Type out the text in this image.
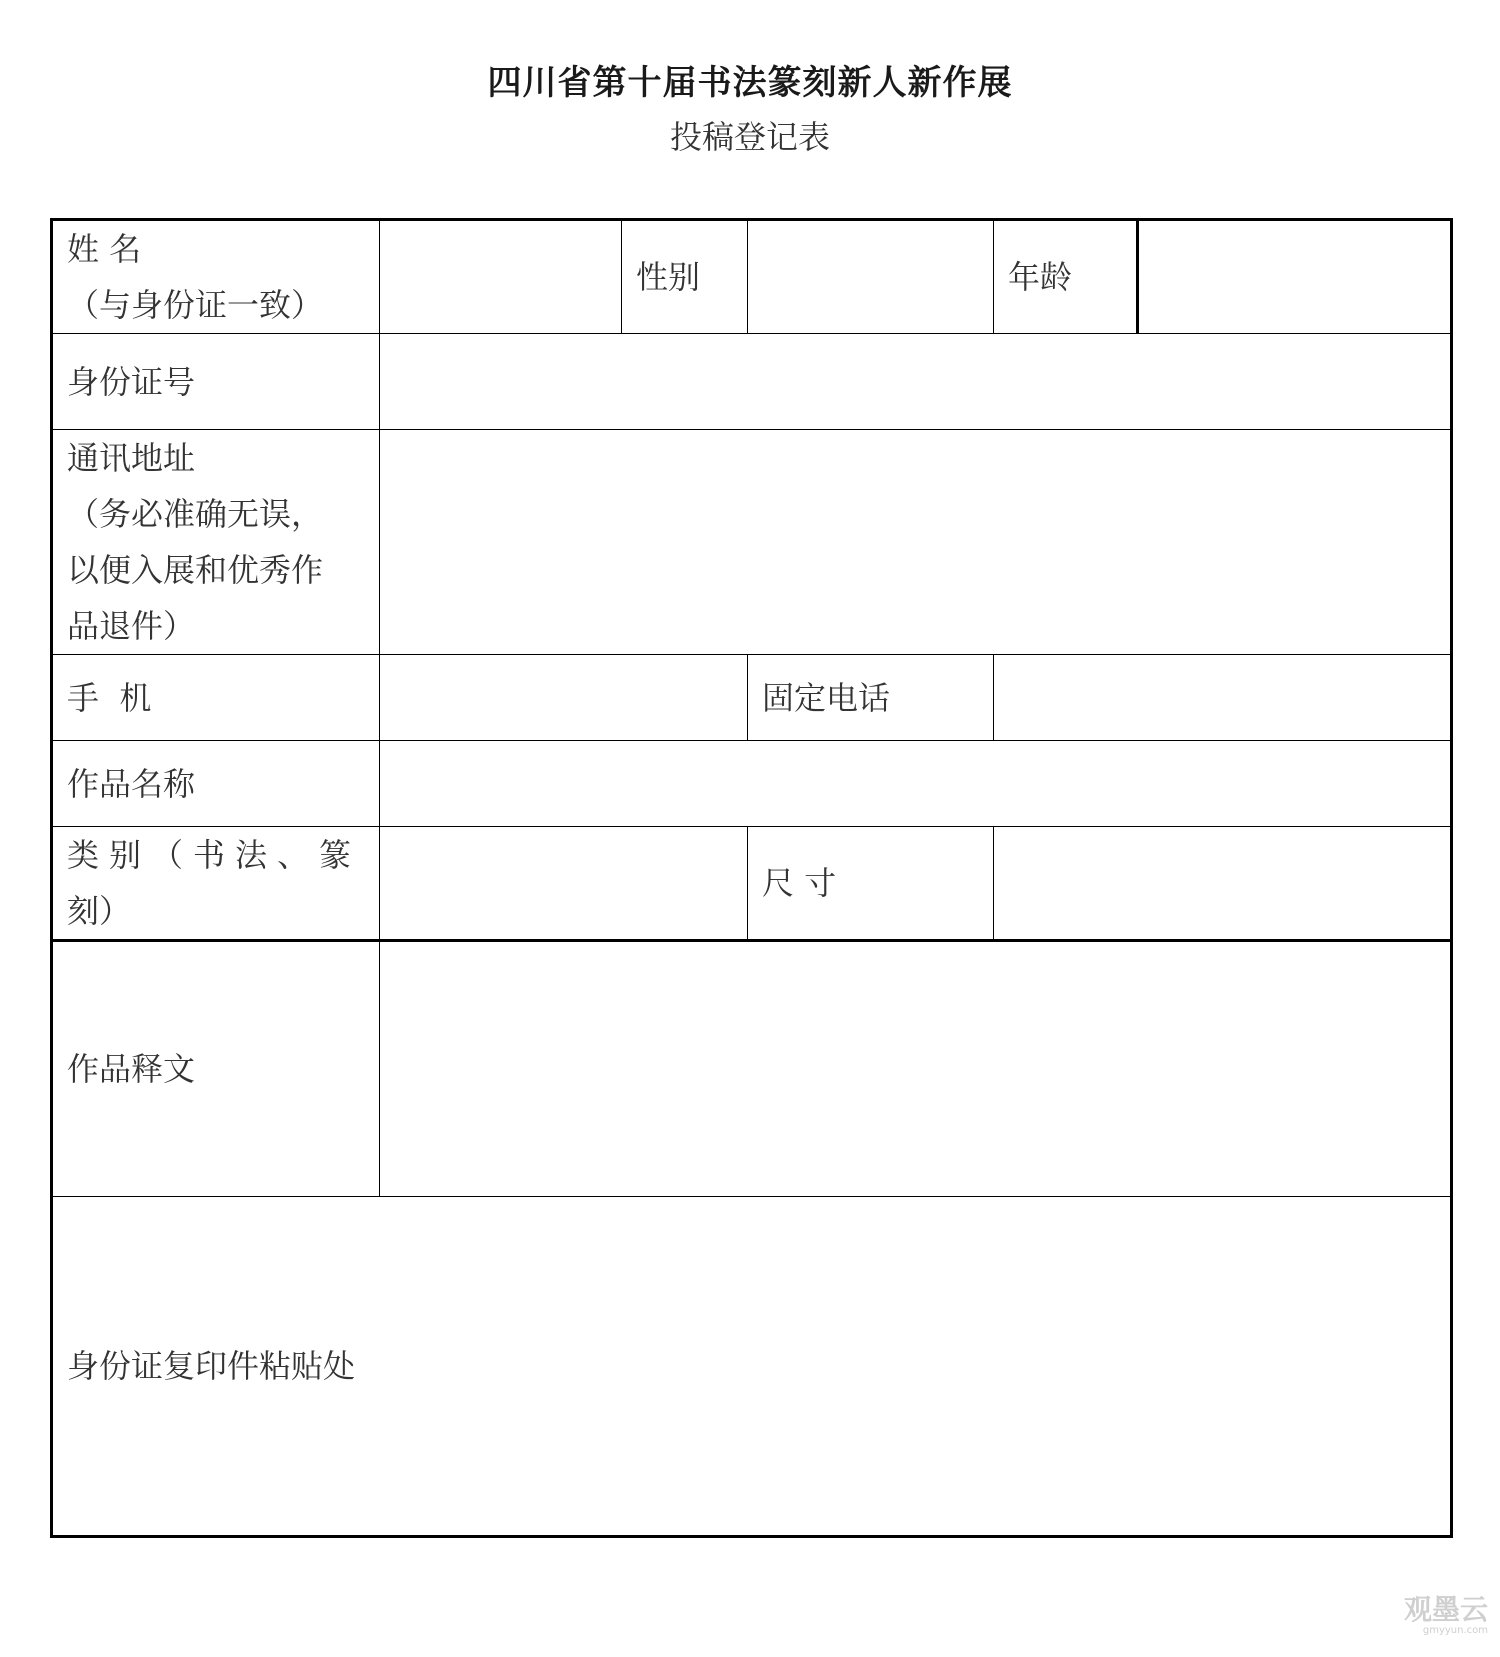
四川省第十届书法篆刻新人新作展
投稿登记表
姓 名
（与身份证一致）		性别		年龄	
身份证号					

通讯地址
（务必准确无误，
以便入展和优秀作
品退件）					

手  机			固定电话		
作品名称					

类别（书法、篆
刻）			尺 寸		
作品释文					
身份证复印件粘贴处					
观墨云
gmyyun.com
